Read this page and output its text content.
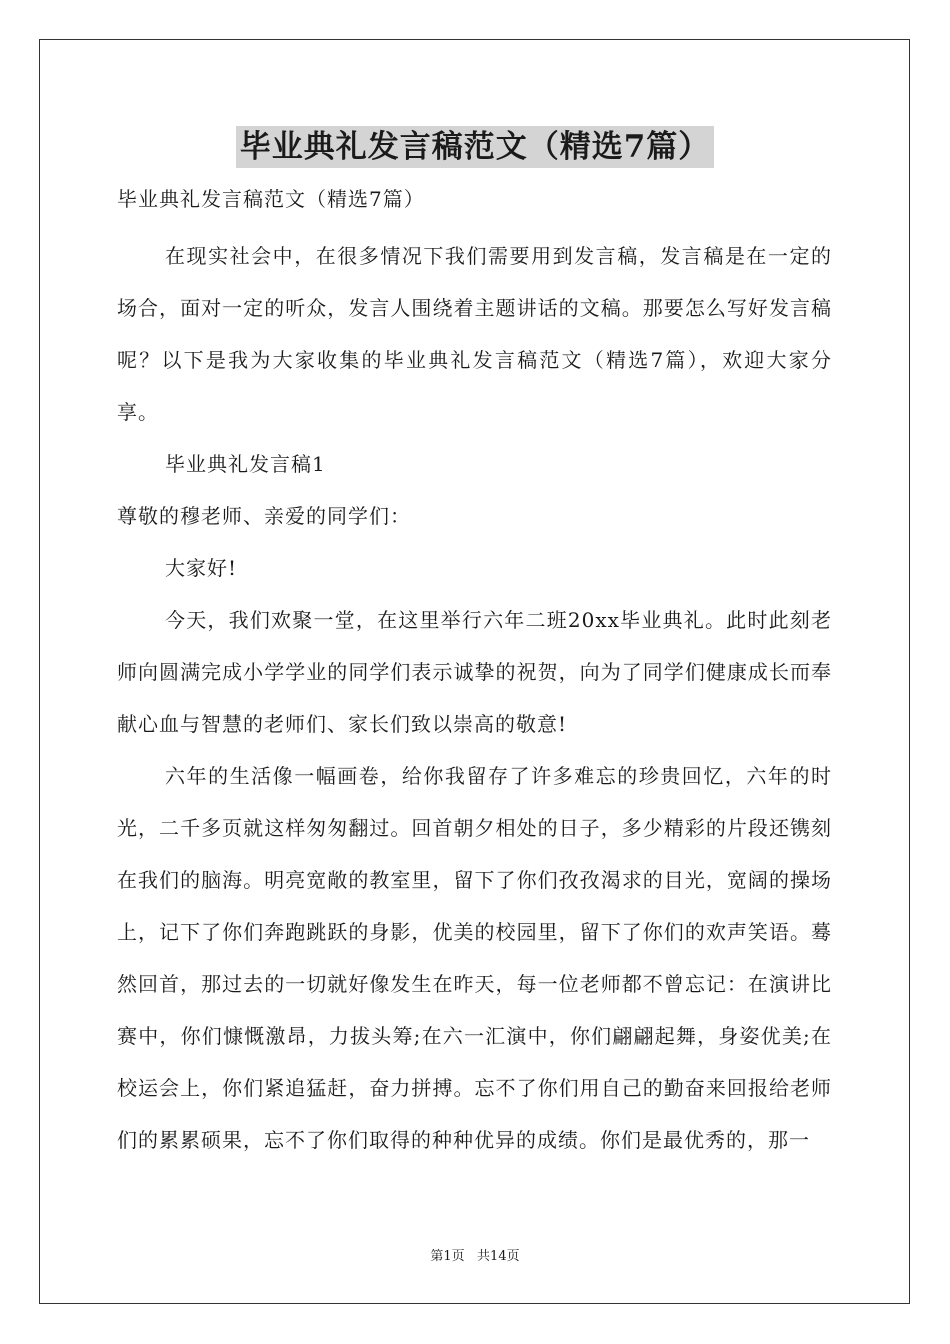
毕业典礼发言稿范文（精选7篇）
毕业典礼发言稿范文（精选7篇）

在现实社会中，在很多情况下我们需要用到发言稿，发言稿是在一定的场合，面对一定的听众，发言人围绕着主题讲话的文稿。那要怎么写好发言稿呢？以下是我为大家收集的毕业典礼发言稿范文（精选7篇），欢迎大家分享。

毕业典礼发言稿1

尊敬的穆老师、亲爱的同学们：

大家好!

今天，我们欢聚一堂，在这里举行六年二班20xx毕业典礼。此时此刻老师向圆满完成小学学业的同学们表示诚挚的祝贺，向为了同学们健康成长而奉献心血与智慧的老师们、家长们致以崇高的敬意!

六年的生活像一幅画卷，给你我留存了许多难忘的珍贵回忆，六年的时光，二千多页就这样匆匆翻过。回首朝夕相处的日子，多少精彩的片段还镌刻在我们的脑海。明亮宽敞的教室里，留下了你们孜孜渴求的目光，宽阔的操场上，记下了你们奔跑跳跃的身影，优美的校园里，留下了你们的欢声笑语。蓦然回首，那过去的一切就好像发生在昨天，每一位老师都不曾忘记：在演讲比赛中，你们慷慨激昂，力拔头筹;在六一汇演中，你们翩翩起舞，身姿优美;在校运会上，你们紧追猛赶，奋力拼搏。忘不了你们用自己的勤奋来回报给老师们的累累硕果，忘不了你们取得的种种优异的成绩。你们是最优秀的，那一

第1页   共14页
